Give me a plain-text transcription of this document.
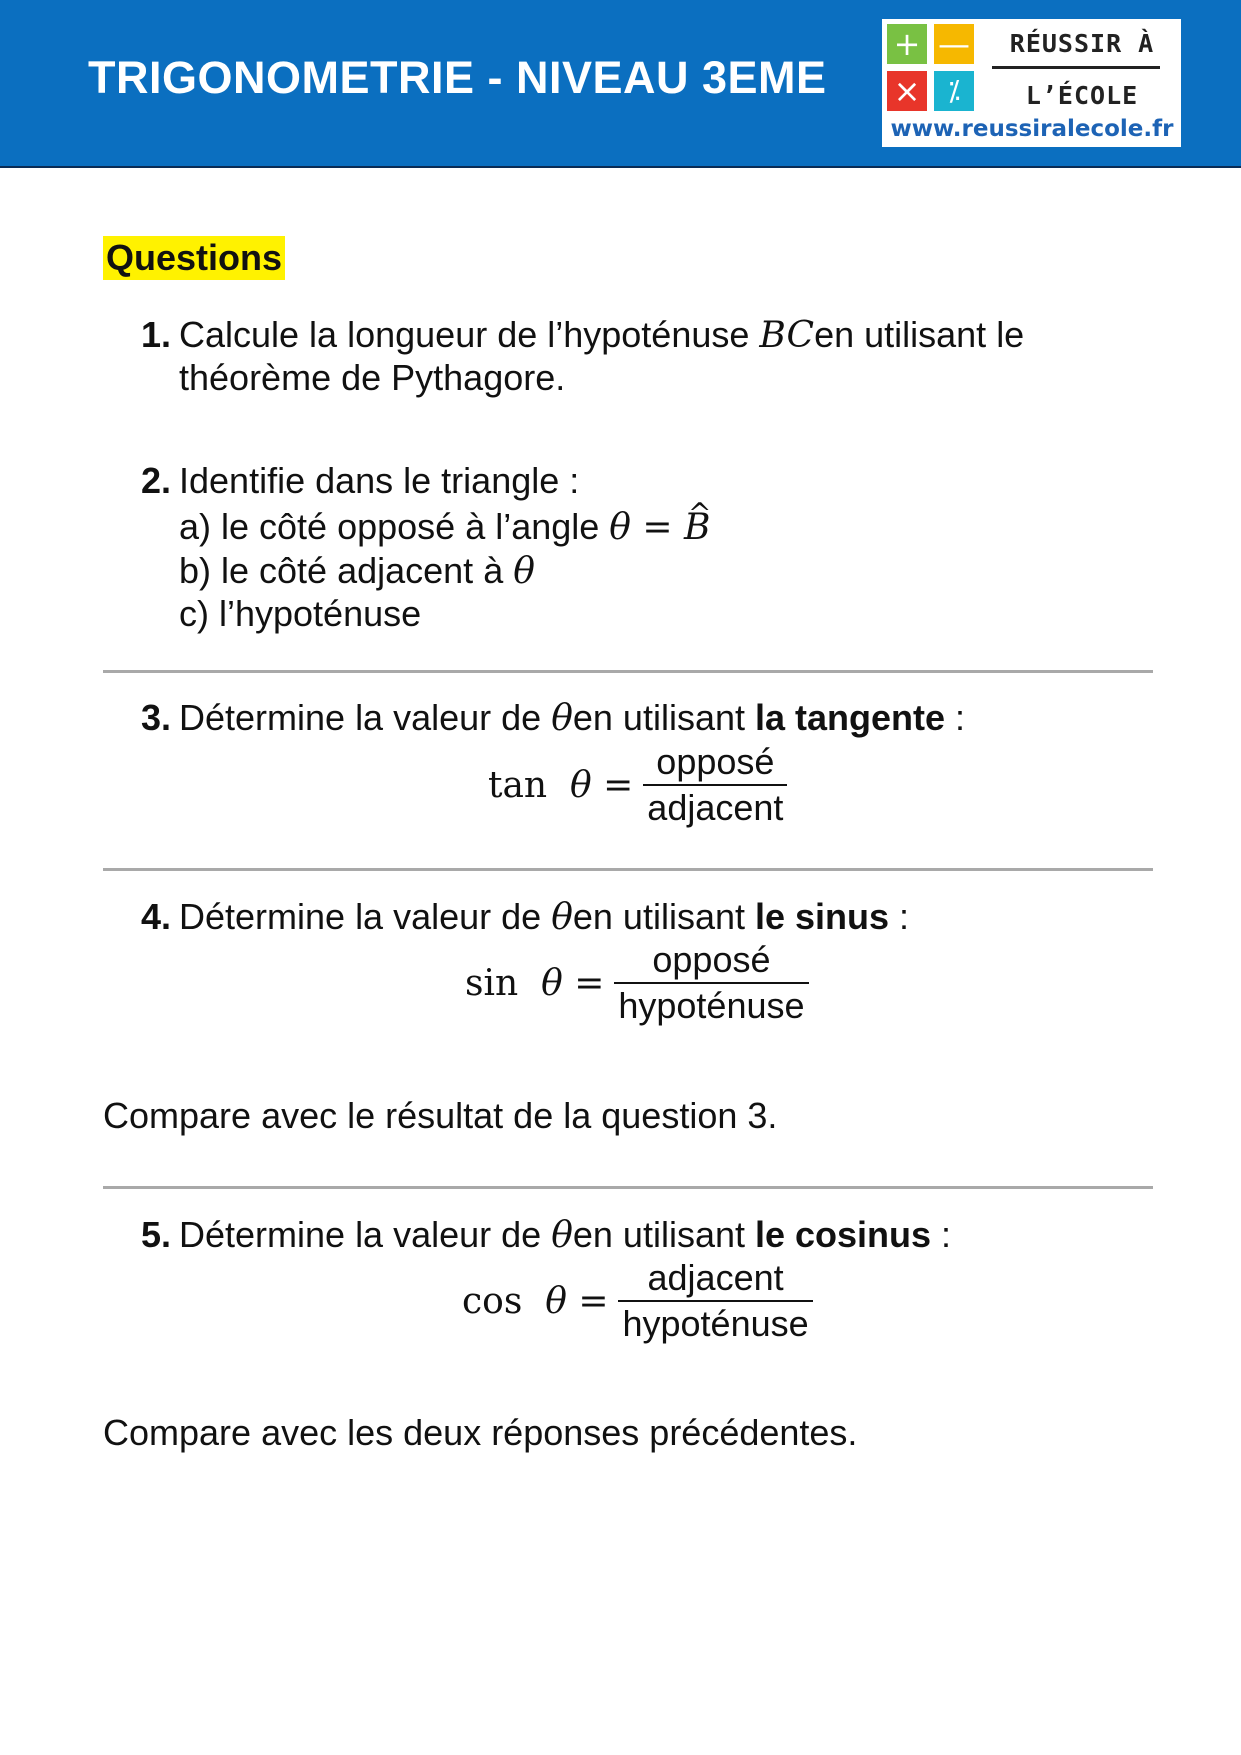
TRIGONOMETRIE - NIVEAU 3EME
+ —
× ⁒
RÉUSSIR À
L’ÉCOLE
www.reussiralecole.fr
Questions
1. Calcule la longueur de l’hypoténuse BCen utilisant le
théorème de Pythagore.
2. Identifie dans le triangle :
a) le côté opposé à l’angle θ = ^ B
b) le côté adjacent à θ
c) l’hypoténuse
3. Détermine la valeur de θen utilisant la tangente :
$\tan \theta = \frac{\text{opposé}}{\text{adjacent}}$
4. Détermine la valeur de θen utilisant le sinus :
$\sin \theta = \frac{\text{opposé}}{\text{hypoténuse}}$
Compare avec le résultat de la question 3.
5. Détermine la valeur de θen utilisant le cosinus :
$\cos \theta = \frac{\text{adjacent}}{\text{hypoténuse}}$
Compare avec les deux réponses précédentes.
